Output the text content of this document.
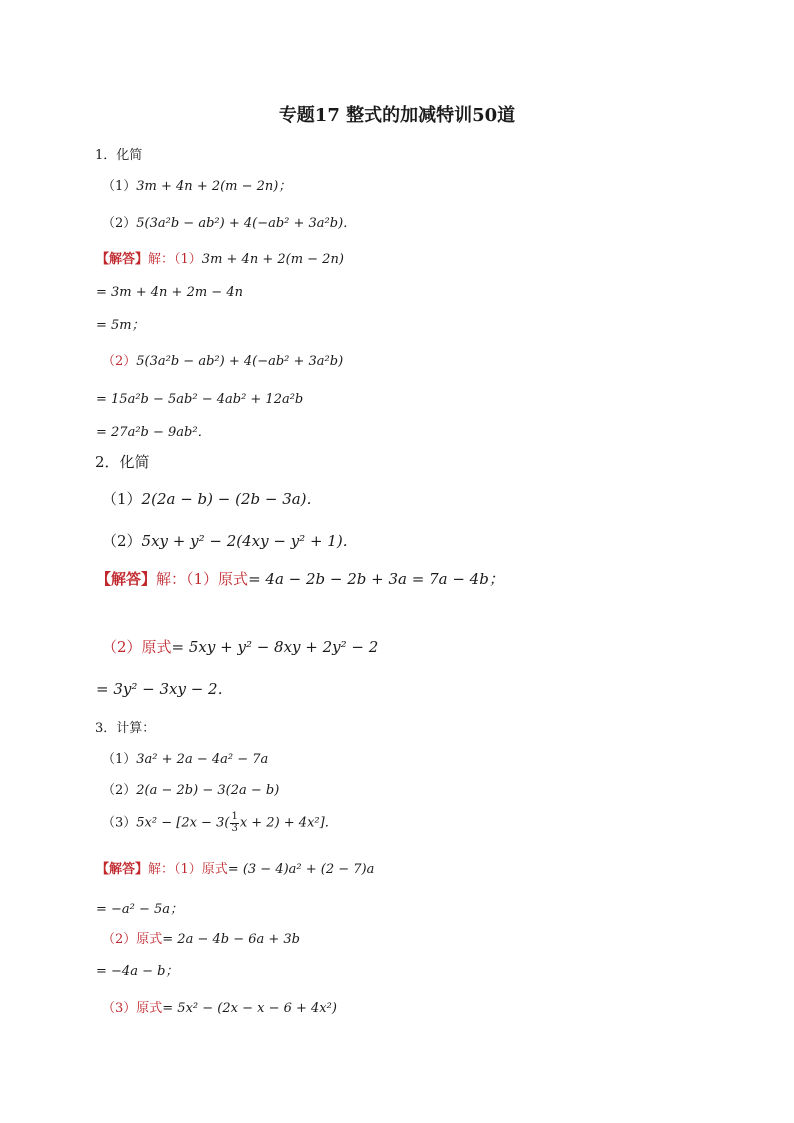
专题17 整式的加减特训50道
1．化简
（1）3m + 4n + 2(m − 2n)；
（2）5(3a²b − ab²) + 4(−ab² + 3a²b)．
【解答】解：（1）3m + 4n + 2(m − 2n)
= 3m + 4n + 2m − 4n
= 5m；
（2）5(3a²b − ab²) + 4(−ab² + 3a²b)
= 15a²b − 5ab² − 4ab² + 12a²b
= 27a²b − 9ab²．
2．化简
（1）2(2a − b) − (2b − 3a)．
（2）5xy + y² − 2(4xy − y² + 1)．
【解答】解：（1）原式= 4a − 2b − 2b + 3a = 7a − 4b；
（2）原式= 5xy + y² − 8xy + 2y² − 2
= 3y² − 3xy − 2．
3．计算：
（1）3a² + 2a − 4a² − 7a
（2）2(a − 2b) − 3(2a − b)
$(3)5x^2 - [2x - 3( \frac{1}{3}$ x + 2) + 4x²]．
【解答】解：（1）原式= (3 − 4)a² + (2 − 7)a
= −a² − 5a；
（2）原式= 2a − 4b − 6a + 3b
= −4a − b；
（3）原式= 5x² − (2x − x − 6 + 4x²)
